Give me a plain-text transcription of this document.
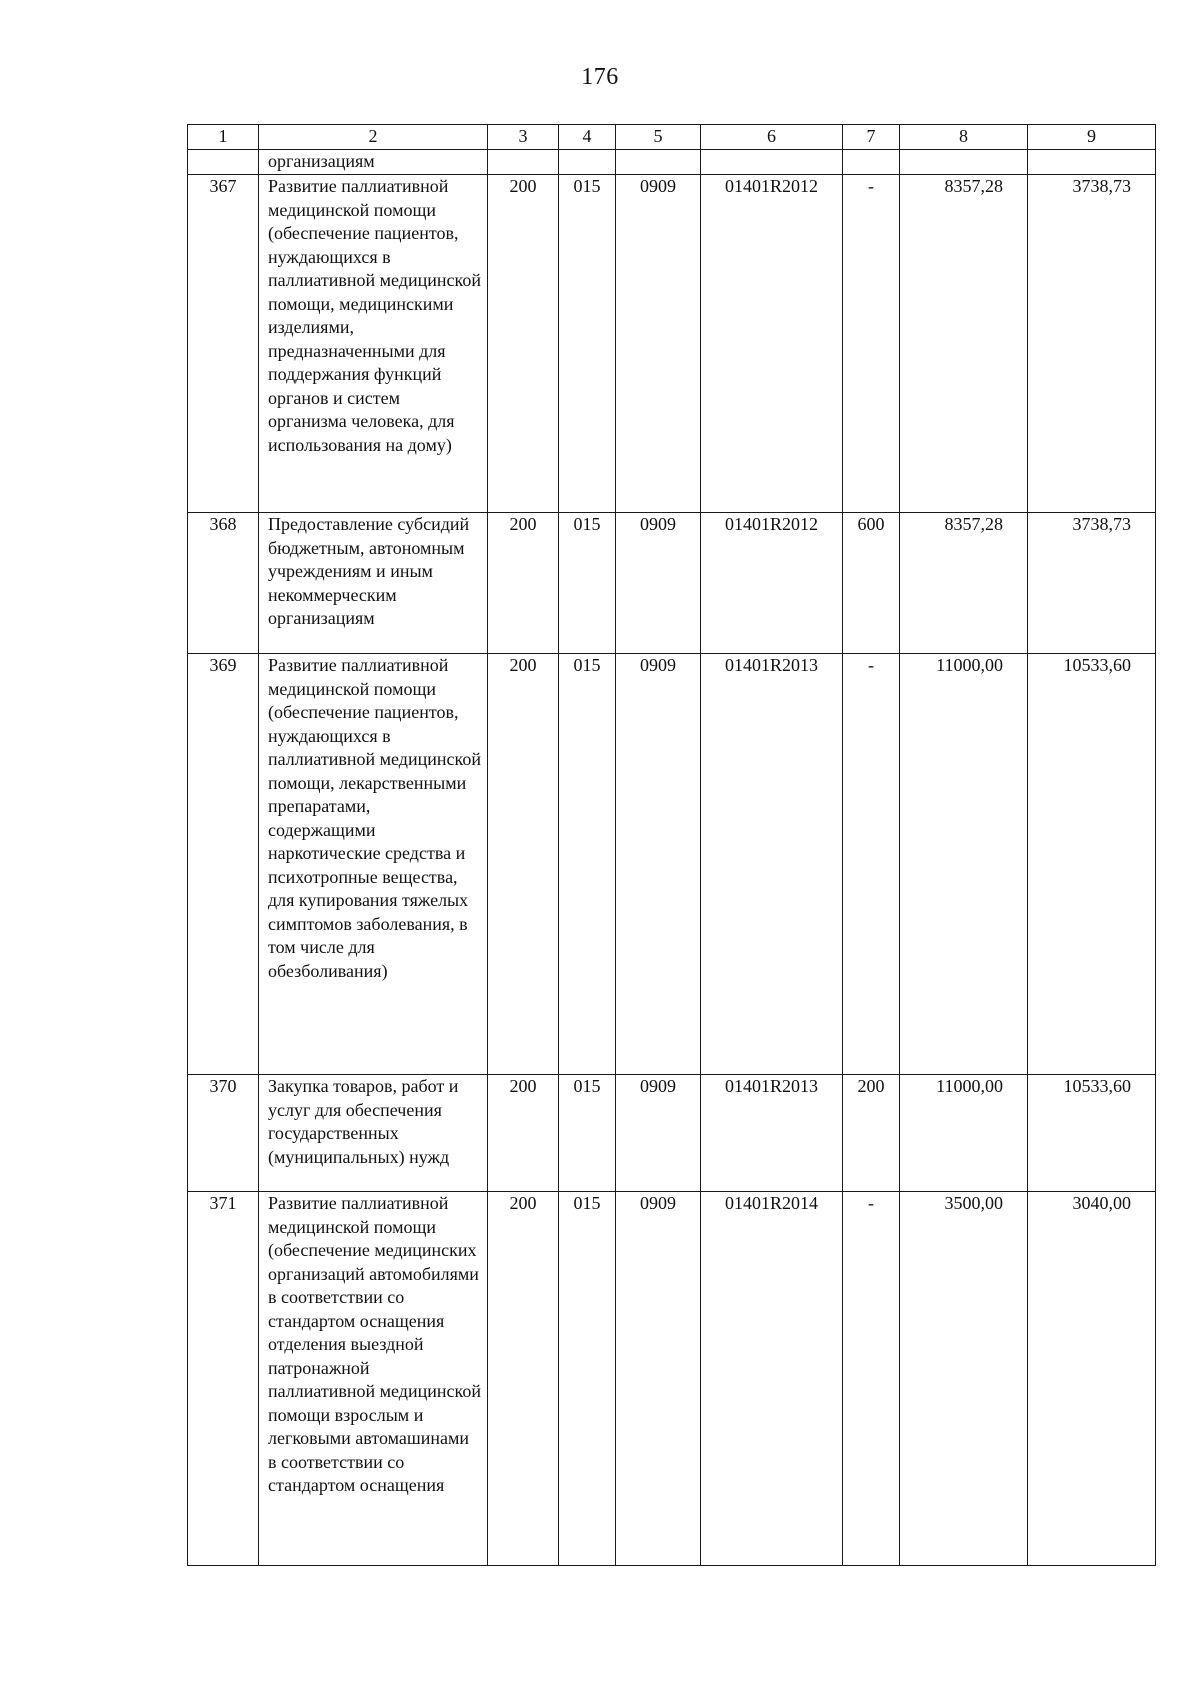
176
1	2	3	4	5	6	7	8	9
	организациям							
367	Развитие паллиативной медицинской помощи (обеспечение пациентов, нуждающихся в паллиативной медицинской помощи, медицинскими изделиями, предназначенными для поддержания функций органов и систем организма человека, для использования на дому)	200	015	0909	01401R2012	-	8357,28	3738,73
368	Предоставление субсидий бюджетным, автономным учреждениям и иным некоммерческим организациям	200	015	0909	01401R2012	600	8357,28	3738,73
369	Развитие паллиативной медицинской помощи (обеспечение пациентов, нуждающихся в паллиативной медицинской помощи, лекарственными препаратами, содержащими наркотические средства и психотропные вещества, для купирования тяжелых симптомов заболевания, в том числе для обезболивания)	200	015	0909	01401R2013	-	11000,00	10533,60
370	Закупка товаров, работ и услуг для обеспечения государственных (муниципальных) нужд	200	015	0909	01401R2013	200	11000,00	10533,60
371	Развитие паллиативной медицинской помощи (обеспечение медицинских организаций автомобилями в соответствии со стандартом оснащения отделения выездной патронажной паллиативной медицинской помощи взрослым и легковыми автомашинами в соответствии со стандартом оснащения	200	015	0909	01401R2014	-	3500,00	3040,00
